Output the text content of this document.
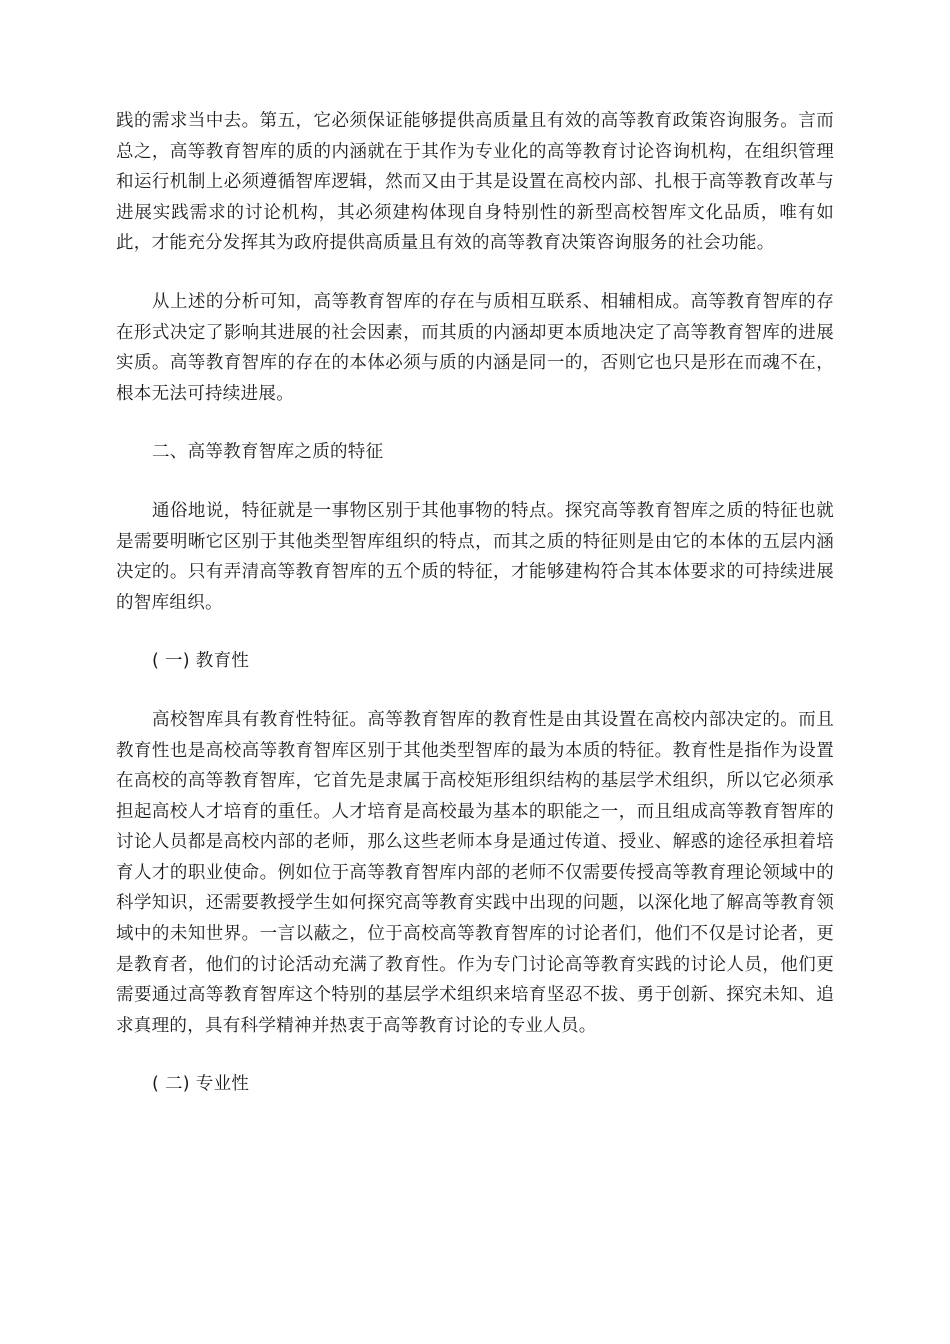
践的需求当中去。第五，它必须保证能够提供高质量且有效的高等教育政策咨询服务。言而总之，高等教育智库的质的内涵就在于其作为专业化的高等教育讨论咨询机构，在组织管理和运行机制上必须遵循智库逻辑，然而又由于其是设置在高校内部、扎根于高等教育改革与进展实践需求的讨论机构，其必须建构体现自身特别性的新型高校智库文化品质，唯有如此，才能充分发挥其为政府提供高质量且有效的高等教育决策咨询服务的社会功能。

从上述的分析可知，高等教育智库的存在与质相互联系、相辅相成。高等教育智库的存在形式决定了影响其进展的社会因素，而其质的内涵却更本质地决定了高等教育智库的进展实质。高等教育智库的存在的本体必须与质的内涵是同一的，否则它也只是形在而魂不在，根本无法可持续进展。

二、高等教育智库之质的特征

通俗地说，特征就是一事物区别于其他事物的特点。探究高等教育智库之质的特征也就是需要明晰它区别于其他类型智库组织的特点，而其之质的特征则是由它的本体的五层内涵决定的。只有弄清高等教育智库的五个质的特征，才能够建构符合其本体要求的可持续进展的智库组织。

( 一) 教育性

高校智库具有教育性特征。高等教育智库的教育性是由其设置在高校内部决定的。而且教育性也是高校高等教育智库区别于其他类型智库的最为本质的特征。教育性是指作为设置在高校的高等教育智库，它首先是隶属于高校矩形组织结构的基层学术组织，所以它必须承担起高校人才培育的重任。人才培育是高校最为基本的职能之一，而且组成高等教育智库的讨论人员都是高校内部的老师，那么这些老师本身是通过传道、授业、解惑的途径承担着培育人才的职业使命。例如位于高等教育智库内部的老师不仅需要传授高等教育理论领域中的科学知识，还需要教授学生如何探究高等教育实践中出现的问题，以深化地了解高等教育领域中的未知世界。一言以蔽之，位于高校高等教育智库的讨论者们，他们不仅是讨论者，更是教育者，他们的讨论活动充满了教育性。作为专门讨论高等教育实践的讨论人员，他们更需要通过高等教育智库这个特别的基层学术组织来培育坚忍不拔、勇于创新、探究未知、追求真理的，具有科学精神并热衷于高等教育讨论的专业人员。

( 二) 专业性
